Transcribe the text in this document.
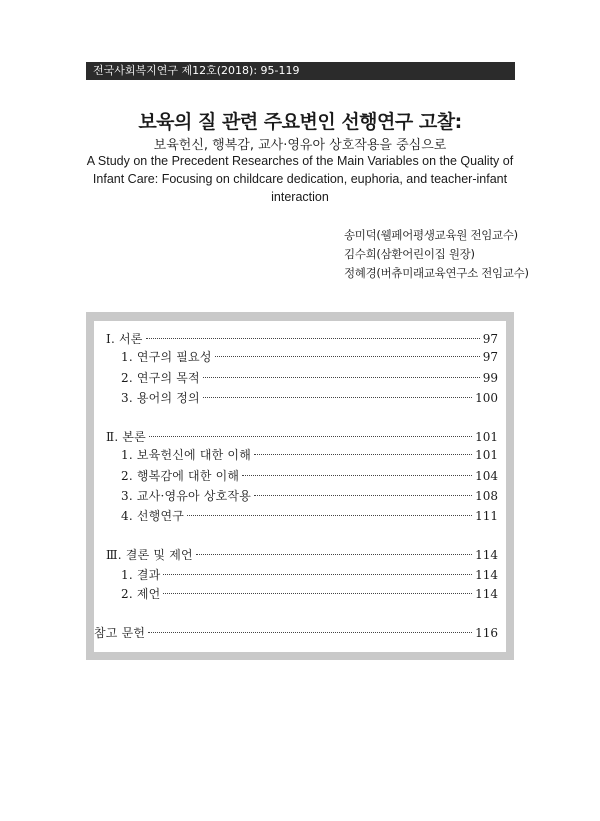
전국사회복지연구 제12호(2018): 95-119
보육의 질 관련 주요변인 선행연구 고찰:
보육헌신, 행복감, 교사·영유아 상호작용을 중심으로
A Study on the Precedent Researches of the Main Variables on the Quality of
Infant Care: Focusing on childcare dedication, euphoria, and teacher-infant
interaction
송미덕(웰페어평생교육원 전임교수)
김수희(삼환어린이집 원장)
정혜경(버츄미래교육연구소 전임교수)
Ⅰ. 서론	97
1. 연구의 필요성	97
2. 연구의 목적	99
3. 용어의 정의	100
Ⅱ. 본론	101
1. 보육헌신에 대한 이해	101
2. 행복감에 대한 이해	104
3. 교사·영유아 상호작용	108
4. 선행연구	111
Ⅲ. 결론 및 제언	114
1. 결과	114
2. 제언	114
참고 문헌	116
